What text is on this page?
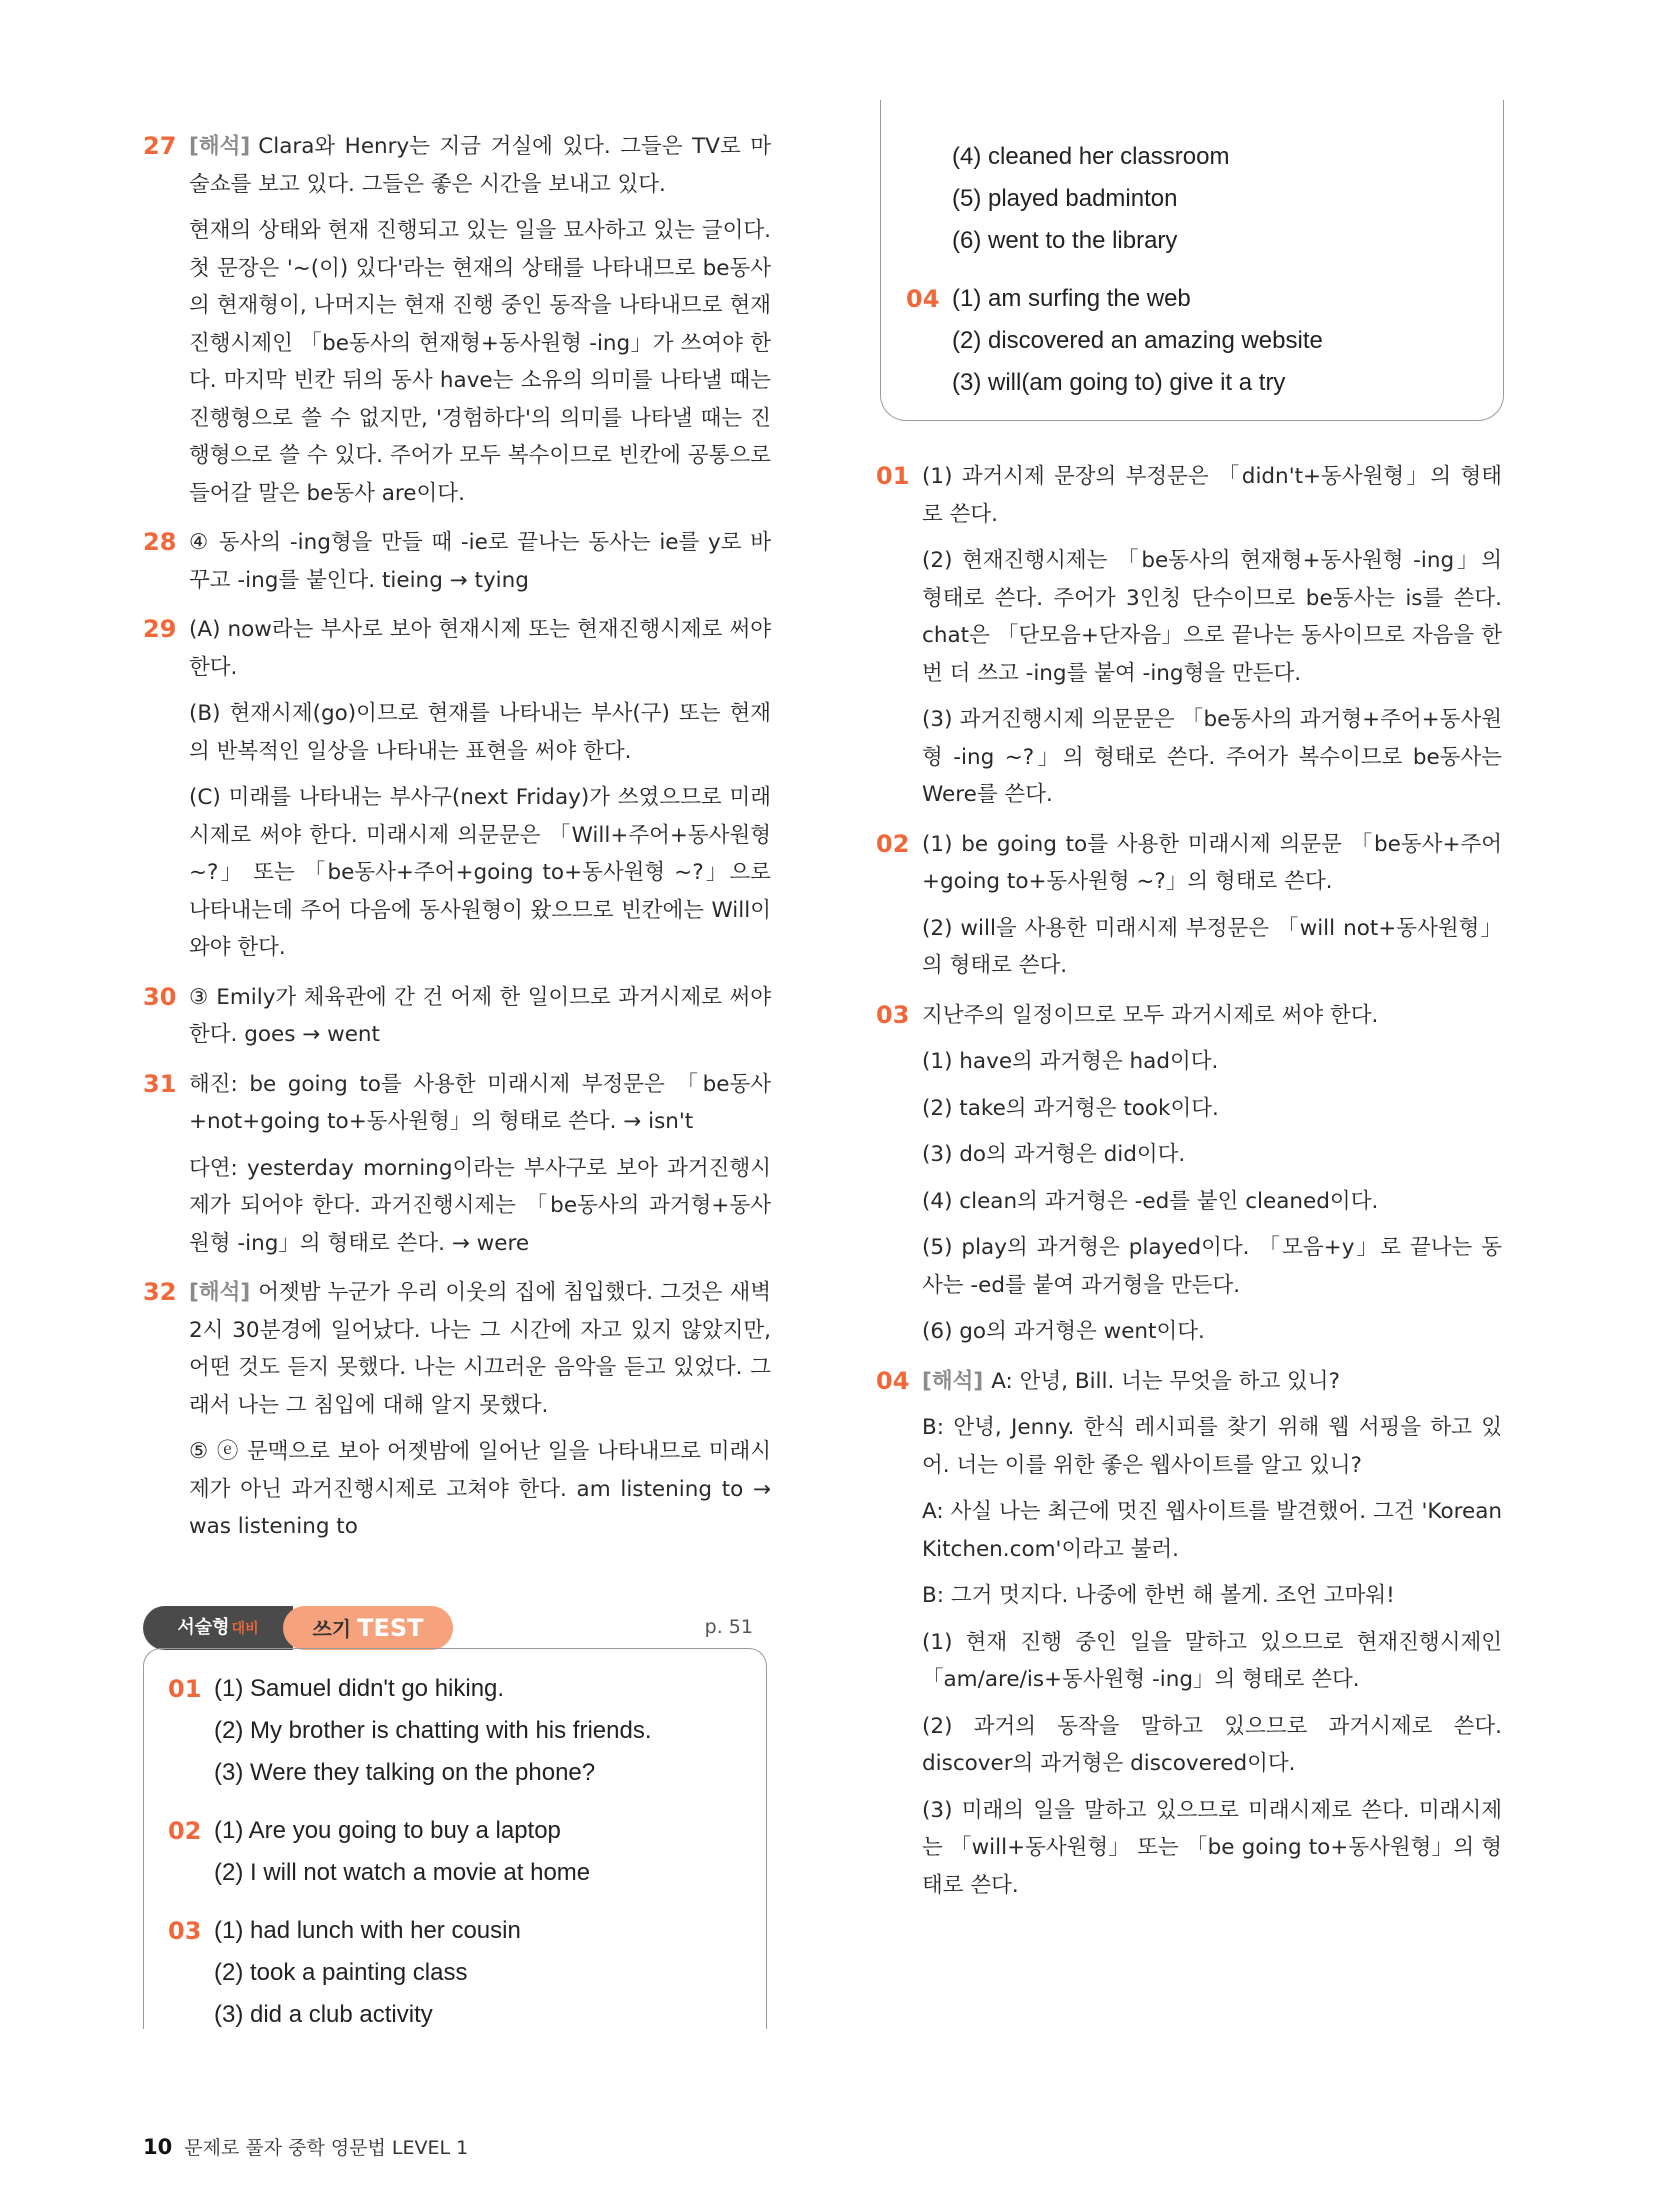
27 [해석] Clara와 Henry는 지금 거실에 있다. 그들은 TV로 마술쇼를 보고 있다. 그들은 좋은 시간을 보내고 있다.

현재의 상태와 현재 진행되고 있는 일을 묘사하고 있는 글이다. 첫 문장은 '~(이) 있다'라는 현재의 상태를 나타내므로 be동사의 현재형이, 나머지는 현재 진행 중인 동작을 나타내므로 현재진행시제인 「be동사의 현재형+동사원형 -ing」가 쓰여야 한다. 마지막 빈칸 뒤의 동사 have는 소유의 의미를 나타낼 때는 진행형으로 쓸 수 없지만, '경험하다'의 의미를 나타낼 때는 진행형으로 쓸 수 있다. 주어가 모두 복수이므로 빈칸에 공통으로 들어갈 말은 be동사 are이다.

28 ④ 동사의 -ing형을 만들 때 -ie로 끝나는 동사는 ie를 y로 바꾸고 -ing를 붙인다. tieing → tying

29 (A) now라는 부사로 보아 현재시제 또는 현재진행시제로 써야 한다.

(B) 현재시제(go)이므로 현재를 나타내는 부사(구) 또는 현재의 반복적인 일상을 나타내는 표현을 써야 한다.

(C) 미래를 나타내는 부사구(next Friday)가 쓰였으므로 미래시제로 써야 한다. 미래시제 의문문은 「Will+주어+동사원형 ~?」 또는 「be동사+주어+going to+동사원형 ~?」으로 나타내는데 주어 다음에 동사원형이 왔으므로 빈칸에는 Will이 와야 한다.

30 ③ Emily가 체육관에 간 건 어제 한 일이므로 과거시제로 써야 한다. goes → went

31 해진: be going to를 사용한 미래시제 부정문은 「be동사+not+going to+동사원형」의 형태로 쓴다. → isn't

다연: yesterday morning이라는 부사구로 보아 과거진행시제가 되어야 한다. 과거진행시제는 「be동사의 과거형+동사원형 -ing」의 형태로 쓴다. → were

32 [해석] 어젯밤 누군가 우리 이웃의 집에 침입했다. 그것은 새벽 2시 30분경에 일어났다. 나는 그 시간에 자고 있지 않았지만, 어떤 것도 듣지 못했다. 나는 시끄러운 음악을 듣고 있었다. 그래서 나는 그 침입에 대해 알지 못했다.

⑤ ⓔ 문맥으로 보아 어젯밤에 일어난 일을 나타내므로 미래시제가 아닌 과거진행시제로 고쳐야 한다. am listening to → was listening to

서술형 대비	쓰기 TEST	p. 51
01 (1) 과거시제 문장의 부정문은 「didn't+동사원형」의 형태로 쓴다.

(2) 현재진행시제는 「be동사의 현재형+동사원형 -ing」의 형태로 쓴다. 주어가 3인칭 단수이므로 be동사는 is를 쓴다. chat은 「단모음+단자음」으로 끝나는 동사이므로 자음을 한 번 더 쓰고 -ing를 붙여 -ing형을 만든다.

(3) 과거진행시제 의문문은 「be동사의 과거형+주어+동사원형 -ing ~?」의 형태로 쓴다. 주어가 복수이므로 be동사는 Were를 쓴다.

02 (1) be going to를 사용한 미래시제 의문문 「be동사+주어+going to+동사원형 ~?」의 형태로 쓴다.

(2) will을 사용한 미래시제 부정문은 「will not+동사원형」의 형태로 쓴다.

03 지난주의 일정이므로 모두 과거시제로 써야 한다.

(1) have의 과거형은 had이다.

(2) take의 과거형은 took이다.

(3) do의 과거형은 did이다.

(4) clean의 과거형은 -ed를 붙인 cleaned이다.

(5) play의 과거형은 played이다. 「모음+y」로 끝나는 동사는 -ed를 붙여 과거형을 만든다.

(6) go의 과거형은 went이다.

04 [해석] A: 안녕, Bill. 너는 무엇을 하고 있니?

B: 안녕, Jenny. 한식 레시피를 찾기 위해 웹 서핑을 하고 있어. 너는 이를 위한 좋은 웹사이트를 알고 있니?

A: 사실 나는 최근에 멋진 웹사이트를 발견했어. 그건 'Korean Kitchen.com'이라고 불러.

B: 그거 멋지다. 나중에 한번 해 볼게. 조언 고마워!

(1) 현재 진행 중인 일을 말하고 있으므로 현재진행시제인 「am/are/is+동사원형 -ing」의 형태로 쓴다.

(2) 과거의 동작을 말하고 있으므로 과거시제로 쓴다. discover의 과거형은 discovered이다.

(3) 미래의 일을 말하고 있으므로 미래시제로 쓴다. 미래시제는 「will+동사원형」 또는 「be going to+동사원형」의 형태로 쓴다.

10 문제로 풀자 중학 영문법 LEVEL 1
01 (1) Samuel didn't go hiking.
(2) My brother is chatting with his friends.
(3) Were they talking on the phone?
02 (1) Are you going to buy a laptop
(2) I will not watch a movie at home
03 (1) had lunch with her cousin
(2) took a painting class
(3) did a club activity
(4) cleaned her classroom
(5) played badminton
(6) went to the library
04 (1) am surfing the web
(2) discovered an amazing website
(3) will(am going to) give it a try
